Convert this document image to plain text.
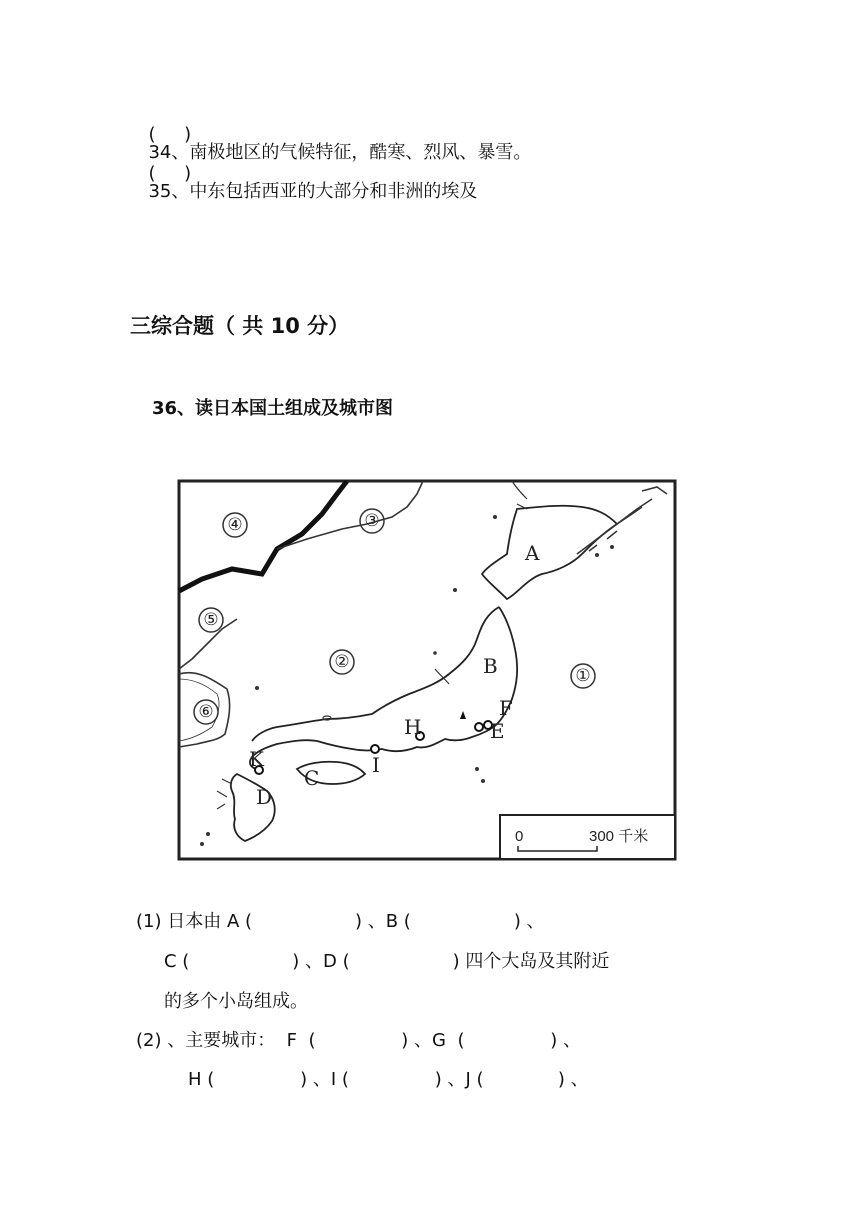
(     )
34、南极地区的气候特征，酷寒、烈风、暴雪。

(     )
35、中东包括西亚的大部分和非洲的埃及

三综合题（ 共 10 分）
36、读日本国土组成及城市图
①
②
③
④
⑤
⑥
A
B
C
D
E
F
H
I
K
0	300 千米
(1) 日本由 A (                  ) 、B (                  ) 、
C (                  ) 、D (                  ) 四个大岛及其附近
的多个小岛组成。
(2) 、主要城市：  F  (               ) 、G  (               ) 、
H (               ) 、I (               ) 、J (             ) 、
